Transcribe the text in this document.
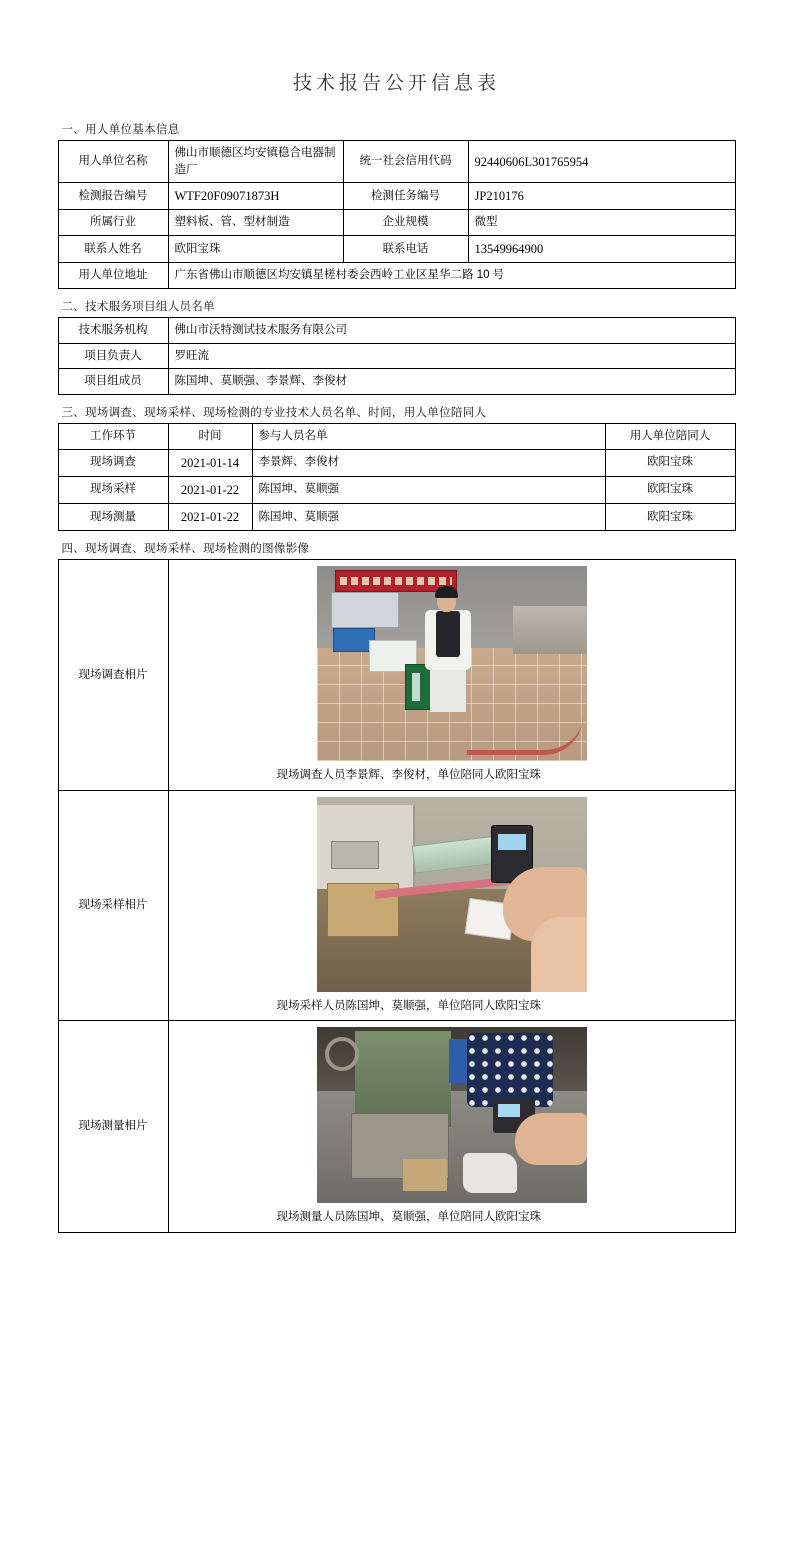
技术报告公开信息表
一、用人单位基本信息
用人单位名称	佛山市顺德区均安镇稳合电器制造厂	统一社会信用代码	92440606L301765954
检测报告编号	WTF20F09071873H	检测任务编号	JP210176
所属行业	塑料板、管、型材制造	企业规模	微型
联系人姓名	欧阳宝珠	联系电话	13549964900
用人单位地址	广东省佛山市顺德区均安镇星槎村委会西岭工业区星华二路 10 号		
二、技术服务项目组人员名单
技术服务机构	佛山市沃特测试技术服务有限公司
项目负责人	罗旺流
项目组成员	陈国坤、莫顺强、李景辉、李俊材
三、现场调查、现场采样、现场检测的专业技术人员名单、时间，用人单位陪同人
工作环节	时间	参与人员名单	用人单位陪同人
现场调查	2021-01-14	李景辉、李俊材	欧阳宝珠
现场采样	2021-01-22	陈国坤、莫顺强	欧阳宝珠
现场测量	2021-01-22	陈国坤、莫顺强	欧阳宝珠
四、现场调查、现场采样、现场检测的图像影像
现场调查相片	现场调查人员李景辉、李俊材，单位陪同人欧阳宝珠

现场采样相片	现场采样人员陈国坤、莫顺强，单位陪同人欧阳宝珠

现场测量相片	现场测量人员陈国坤、莫顺强，单位陪同人欧阳宝珠
